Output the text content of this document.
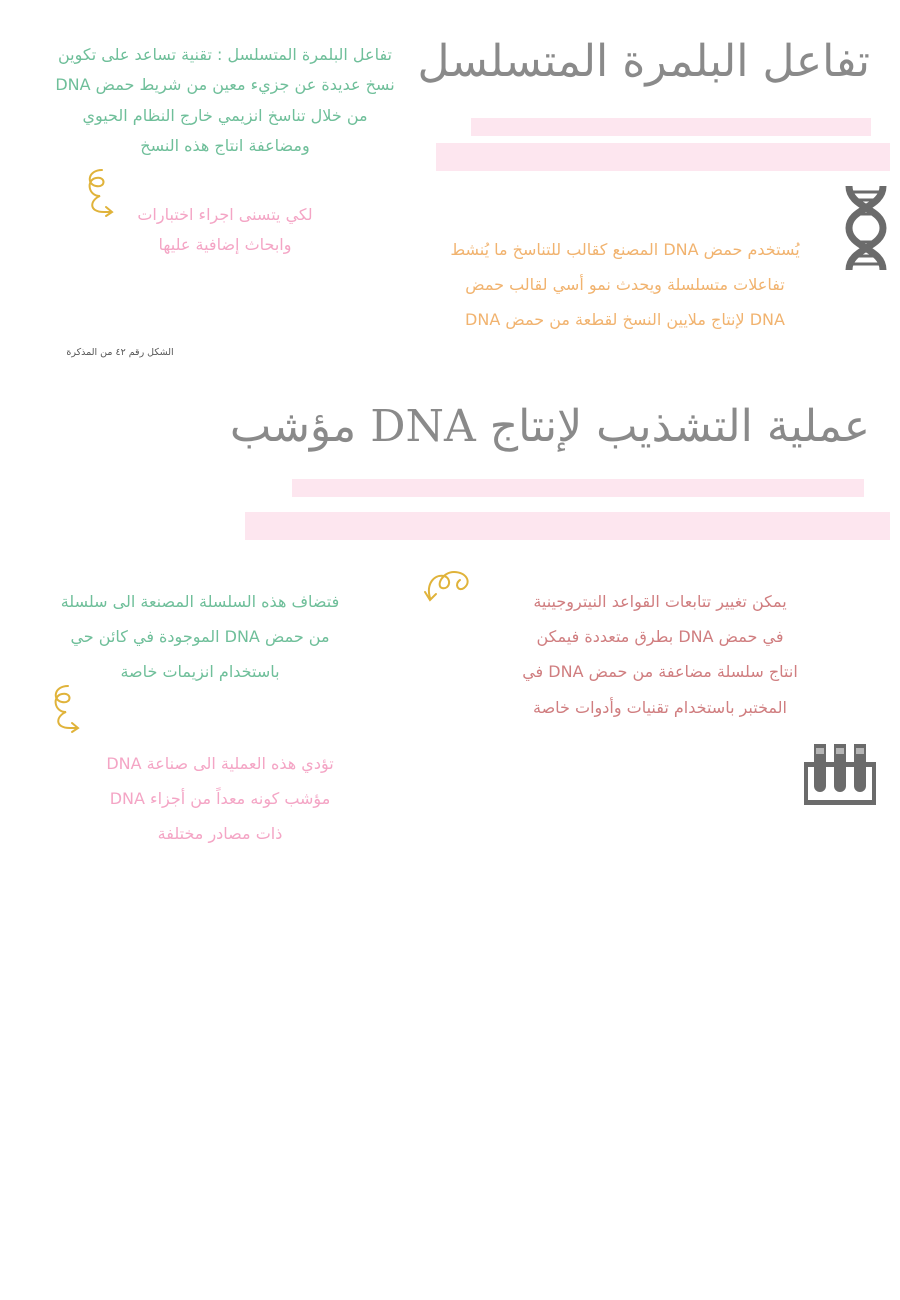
تفاعل البلمرة المتسلسل
تفاعل البلمرة المتسلسل : تقنية تساعد على تكوين
نسخ عديدة عن جزيء معين من شريط حمض DNA
من خلال تناسخ انزيمي خارج النظام الحيوي
ومضاعفة انتاج هذه النسخ
لكي يتسنى اجراء اختبارات
وابحاث إضافية عليها	يُستخدم حمض DNA المصنع كقالب للتناسخ ما يُنشط
تفاعلات متسلسلة ويحدث نمو أسي لقالب حمض
DNA لإنتاج ملايين النسخ لقطعة من حمض DNA
الشكل رقم ٤٢ من المذكرة
عملية التشذيب لإنتاج DNA مؤشب
فتضاف هذه السلسلة المصنعة الى سلسلة
من حمض DNA الموجودة في كائن حي
باستخدام انزيمات خاصة
تؤدي هذه العملية الى صناعة DNA
مؤشب كونه معداً من أجزاء DNA
ذات مصادر مختلفة
يمكن تغيير تتابعات القواعد النيتروجينية
في حمض DNA بطرق متعددة فيمكن
انتاج سلسلة مضاعفة من حمض DNA في
المختبر باستخدام تقنيات وأدوات خاصة
